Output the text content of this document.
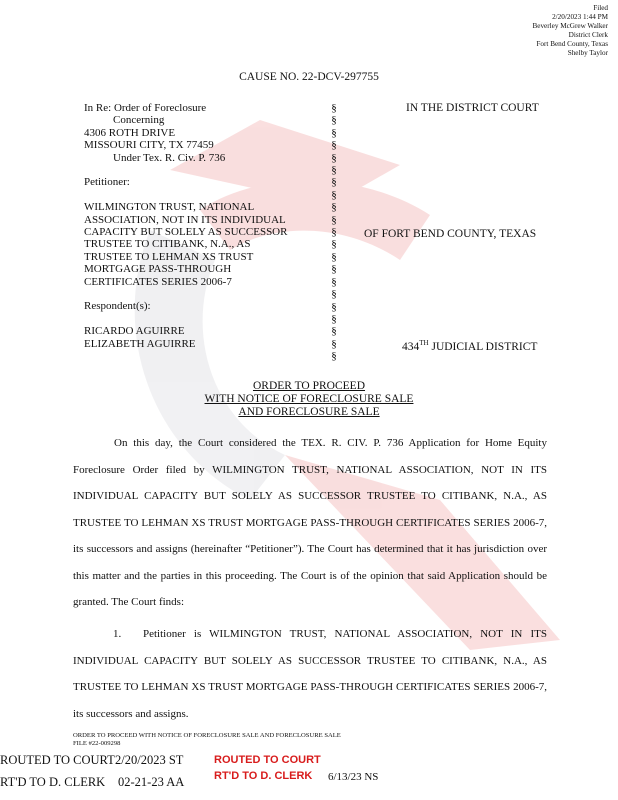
Filed
2/20/2023 1:44 PM
Beverley McGrew Walker
District Clerk
Fort Bend County, Texas
Shelby Taylor
CAUSE NO. 22-DCV-297755
In Re: Order of Foreclosure
Concerning
4306 ROTH DRIVE
MISSOURI CITY, TX 77459
Under Tex. R. Civ. P. 736
Petitioner:
WILMINGTON TRUST, NATIONAL
ASSOCIATION, NOT IN ITS INDIVIDUAL
CAPACITY BUT SOLELY AS SUCCESSOR
TRUSTEE TO CITIBANK, N.A., AS
TRUSTEE TO LEHMAN XS TRUST
MORTGAGE PASS-THROUGH
CERTIFICATES SERIES 2006-7
Respondent(s):
RICARDO AGUIRRE
ELIZABETH AGUIRRE
§
§
§
§
§
§
§
§
§
§
§
§
§
§
§
§
§
§
§
§
§
IN THE DISTRICT COURT
OF FORT BEND COUNTY, TEXAS
434TH JUDICIAL DISTRICT
ORDER TO PROCEED
WITH NOTICE OF FORECLOSURE SALE
AND FORECLOSURE SALE
On this day, the Court considered the TEX. R. CIV. P. 736 Application for Home Equity Foreclosure Order filed by WILMINGTON TRUST, NATIONAL ASSOCIATION, NOT IN ITS INDIVIDUAL CAPACITY BUT SOLELY AS SUCCESSOR TRUSTEE TO CITIBANK, N.A., AS TRUSTEE TO LEHMAN XS TRUST MORTGAGE PASS-THROUGH CERTIFICATES SERIES 2006-7, its successors and assigns (hereinafter “Petitioner”). The Court has determined that it has jurisdiction over this matter and the parties in this proceeding. The Court is of the opinion that said Application should be granted. The Court finds:
1. Petitioner is WILMINGTON TRUST, NATIONAL ASSOCIATION, NOT IN ITS INDIVIDUAL CAPACITY BUT SOLELY AS SUCCESSOR TRUSTEE TO CITIBANK, N.A., AS TRUSTEE TO LEHMAN XS TRUST MORTGAGE PASS-THROUGH CERTIFICATES SERIES 2006-7, its successors and assigns.
ORDER TO PROCEED WITH NOTICE OF FORECLOSURE SALE AND FORECLOSURE SALE
FILE #22-009298
ROUTED TO COURT 2/20/2023 ST
RT'D TO D. CLERK 02-21-23 AA
ROUTED TO COURT
RT'D TO D. CLERK 6/13/23 NS
